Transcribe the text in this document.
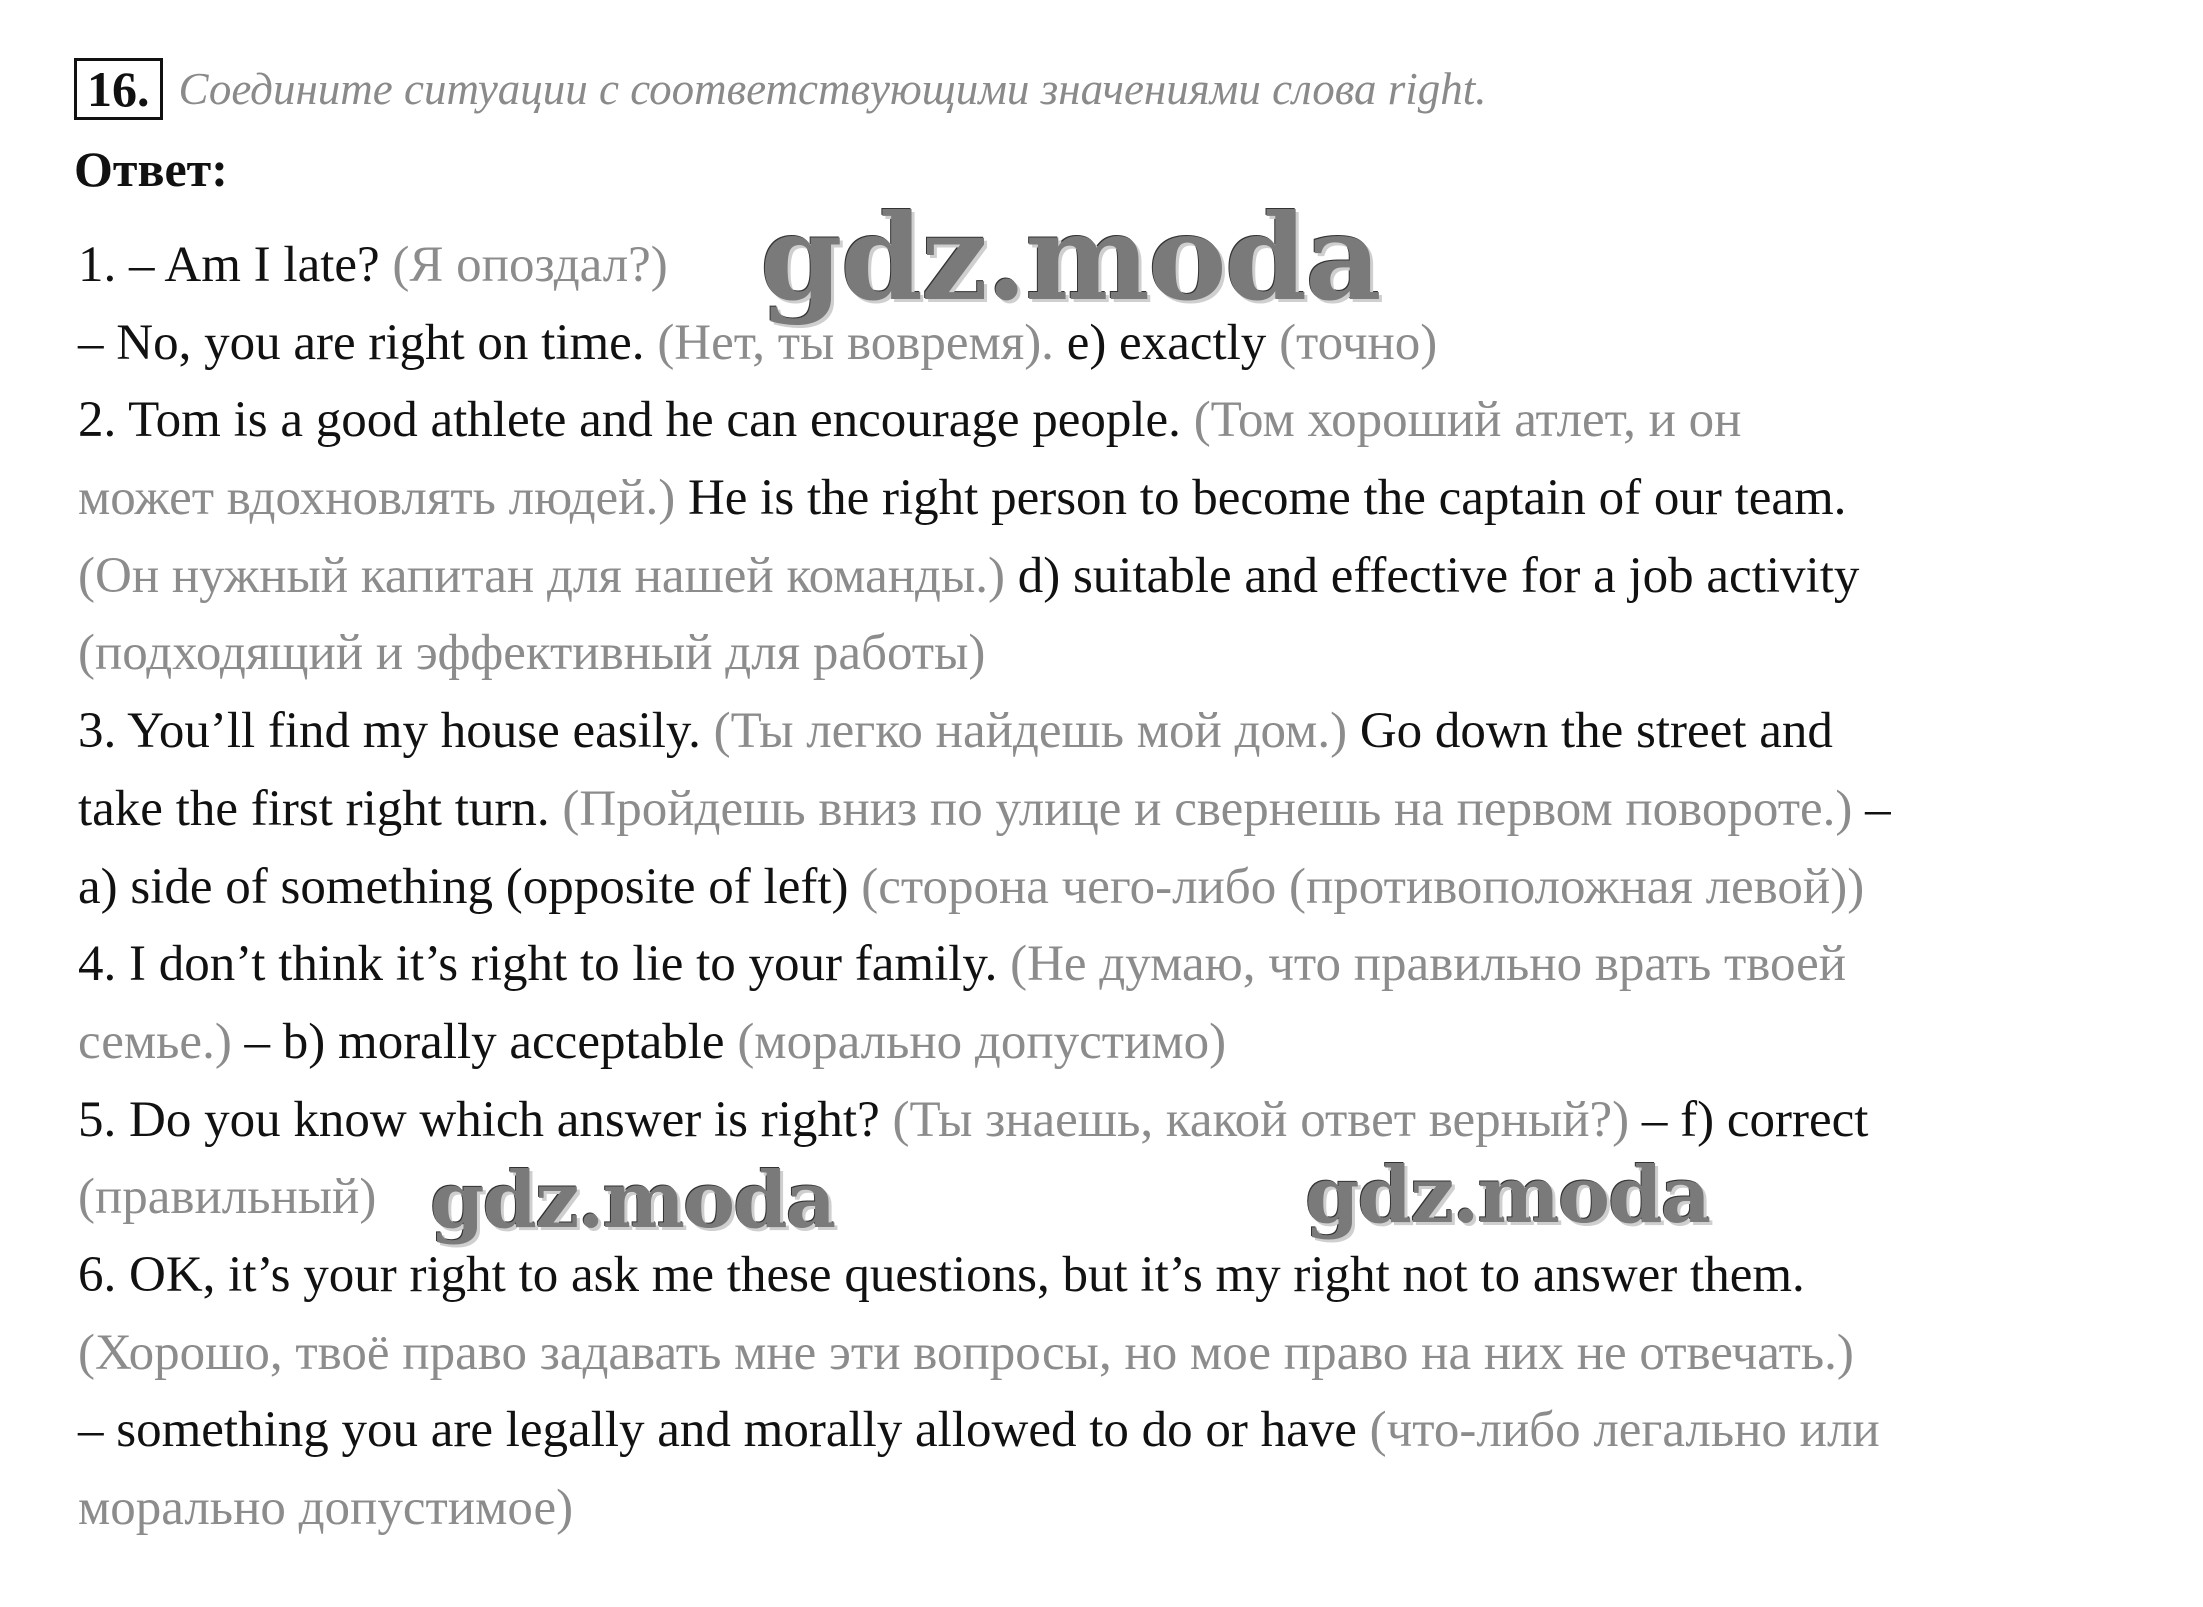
16. Соедините ситуации с соответствующими значениями слова right.
Ответ:
1. – Am I late? (Я опоздал?)
– No, you are right on time. (Нет, ты вовремя). e) exactly (точно)
2. Tom is a good athlete and he can encourage people. (Том хороший атлет, и он
может вдохновлять людей.) He is the right person to become the captain of our team.
(Он нужный капитан для нашей команды.) d) suitable and effective for a job activity
(подходящий и эффективный для работы)
3. You’ll find my house easily. (Ты легко найдешь мой дом.) Go down the street and
take the first right turn. (Пройдешь вниз по улице и свернешь на первом повороте.) –
a) side of something (opposite of left) (сторона чего-либо (противоположная левой))
4. I don’t think it’s right to lie to your family. (Не думаю, что правильно врать твоей
семье.) – b) morally acceptable (морально допустимо)
5. Do you know which answer is right? (Ты знаешь, какой ответ верный?) – f) correct
(правильный)
6. OK, it’s your right to ask me these questions, but it’s my right not to answer them.
(Хорошо, твоё право задавать мне эти вопросы, но мое право на них не отвечать.)
– something you are legally and morally allowed to do or have (что-либо легально или
морально допустимое)
gdz.moda
gdz.moda	gdz.moda
